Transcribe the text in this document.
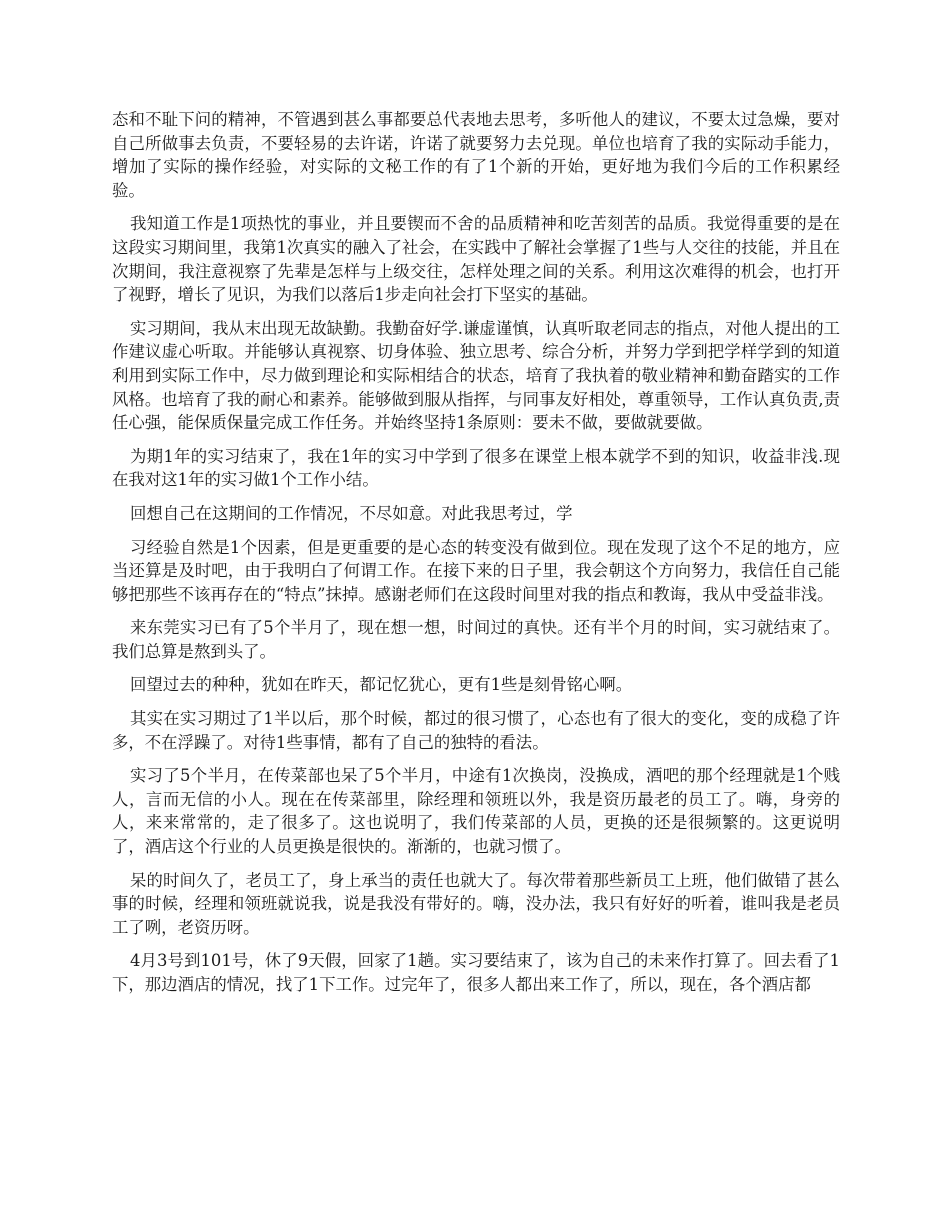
态和不耻下问的精神，不管遇到甚么事都要总代表地去思考，多听他人的建议，不要太过急燥，要对自己所做事去负责，不要轻易的去许诺，许诺了就要努力去兑现。单位也培育了我的实际动手能力，增加了实际的操作经验，对实际的文秘工作的有了1个新的开始，更好地为我们今后的工作积累经验。

我知道工作是1项热忱的事业，并且要锲而不舍的品质精神和吃苦刻苦的品质。我觉得重要的是在这段实习期间里，我第1次真实的融入了社会，在实践中了解社会掌握了1些与人交往的技能，并且在次期间，我注意视察了先辈是怎样与上级交往，怎样处理之间的关系。利用这次难得的机会，也打开了视野，增长了见识，为我们以落后1步走向社会打下坚实的基础。

实习期间，我从末出现无故缺勤。我勤奋好学.谦虚谨慎，认真听取老同志的指点，对他人提出的工作建议虚心听取。并能够认真视察、切身体验、独立思考、综合分析，并努力学到把学样学到的知道利用到实际工作中，尽力做到理论和实际相结合的状态，培育了我执着的敬业精神和勤奋踏实的工作风格。也培育了我的耐心和素养。能够做到服从指挥，与同事友好相处，尊重领导，工作认真负责,责任心强，能保质保量完成工作任务。并始终坚持1条原则：要未不做，要做就要做。

为期1年的实习结束了，我在1年的实习中学到了很多在课堂上根本就学不到的知识，收益非浅.现在我对这1年的实习做1个工作小结。

回想自己在这期间的工作情况，不尽如意。对此我思考过，学

习经验自然是1个因素，但是更重要的是心态的转变没有做到位。现在发现了这个不足的地方，应当还算是及时吧，由于我明白了何谓工作。在接下来的日子里，我会朝这个方向努力，我信任自己能够把那些不该再存在的“特点”抹掉。感谢老师们在这段时间里对我的指点和教诲，我从中受益非浅。

来东莞实习已有了5个半月了，现在想一想，时间过的真快。还有半个月的时间，实习就结束了。我们总算是熬到头了。

回望过去的种种，犹如在昨天，都记忆犹心，更有1些是刻骨铭心啊。

其实在实习期过了1半以后，那个时候，都过的很习惯了，心态也有了很大的变化，变的成稳了许多，不在浮躁了。对待1些事情，都有了自己的独特的看法。

实习了5个半月，在传菜部也呆了5个半月，中途有1次换岗，没换成，酒吧的那个经理就是1个贱人，言而无信的小人。现在在传菜部里，除经理和领班以外，我是资历最老的员工了。嗨，身旁的人，来来常常的，走了很多了。这也说明了，我们传菜部的人员，更换的还是很频繁的。这更说明了，酒店这个行业的人员更换是很快的。渐渐的，也就习惯了。

呆的时间久了，老员工了，身上承当的责任也就大了。每次带着那些新员工上班，他们做错了甚么事的时候，经理和领班就说我，说是我没有带好的。嗨，没办法，我只有好好的听着，谁叫我是老员工了咧，老资历呀。

4月3号到101号，休了9天假，回家了1趟。实习要结束了，该为自己的未来作打算了。回去看了1下，那边酒店的情况，找了1下工作。过完年了，很多人都出来工作了，所以，现在，各个酒店都
